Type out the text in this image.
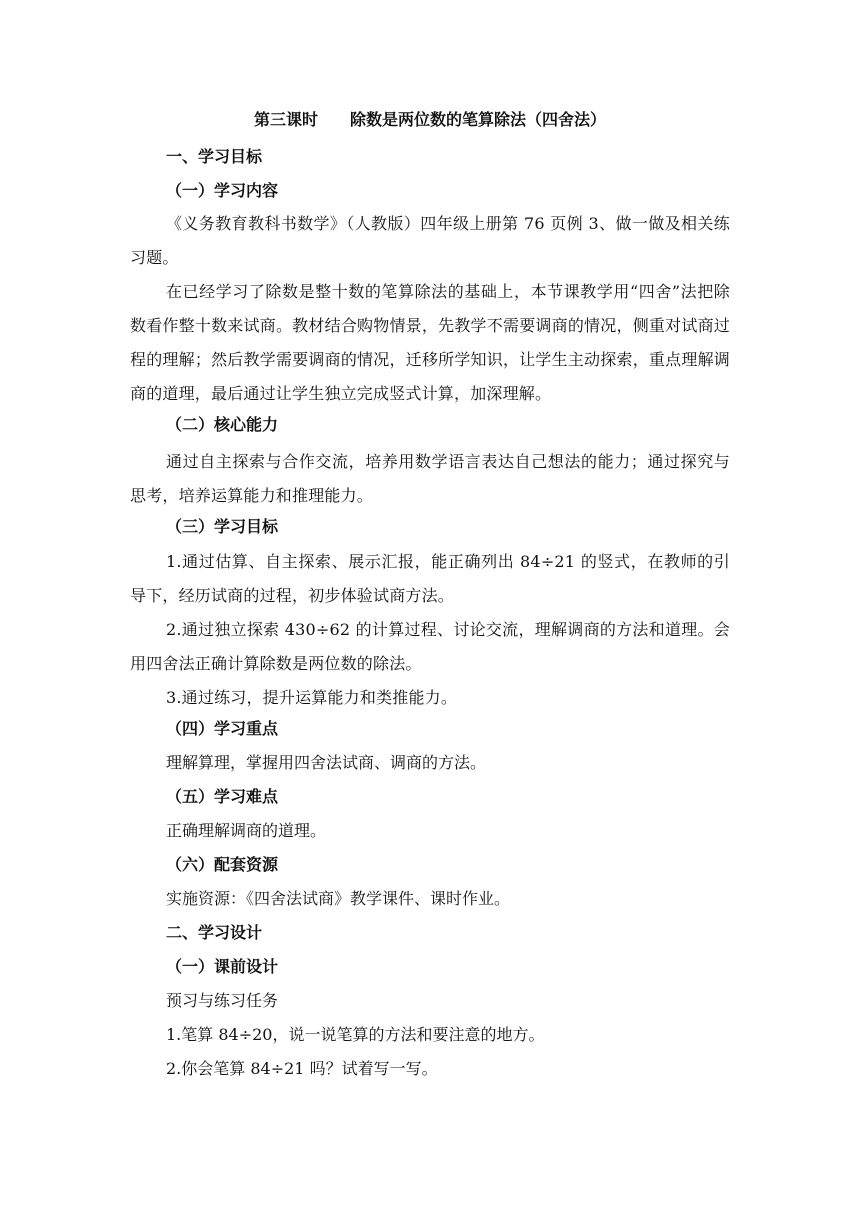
第三课时　　除数是两位数的笔算除法（四舍法）
一、学习目标
（一）学习内容
《义务教育教科书数学》（人教版）四年级上册第 76 页例 3、做一做及相关练习题。
在已经学习了除数是整十数的笔算除法的基础上，本节课教学用“四舍”法把除数看作整十数来试商。教材结合购物情景，先教学不需要调商的情况，侧重对试商过程的理解；然后教学需要调商的情况，迁移所学知识，让学生主动探索，重点理解调商的道理，最后通过让学生独立完成竖式计算，加深理解。
（二）核心能力
通过自主探索与合作交流，培养用数学语言表达自己想法的能力；通过探究与思考，培养运算能力和推理能力。
（三）学习目标
1.通过估算、自主探索、展示汇报，能正确列出 84÷21 的竖式，在教师的引导下，经历试商的过程，初步体验试商方法。
2.通过独立探索 430÷62 的计算过程、讨论交流，理解调商的方法和道理。会用四舍法正确计算除数是两位数的除法。
3.通过练习，提升运算能力和类推能力。
（四）学习重点
理解算理，掌握用四舍法试商、调商的方法。
（五）学习难点
正确理解调商的道理。
（六）配套资源
实施资源：《四舍法试商》教学课件、课时作业。
二、学习设计
（一）课前设计
预习与练习任务
1.笔算 84÷20，说一说笔算的方法和要注意的地方。
2.你会笔算 84÷21 吗？试着写一写。
